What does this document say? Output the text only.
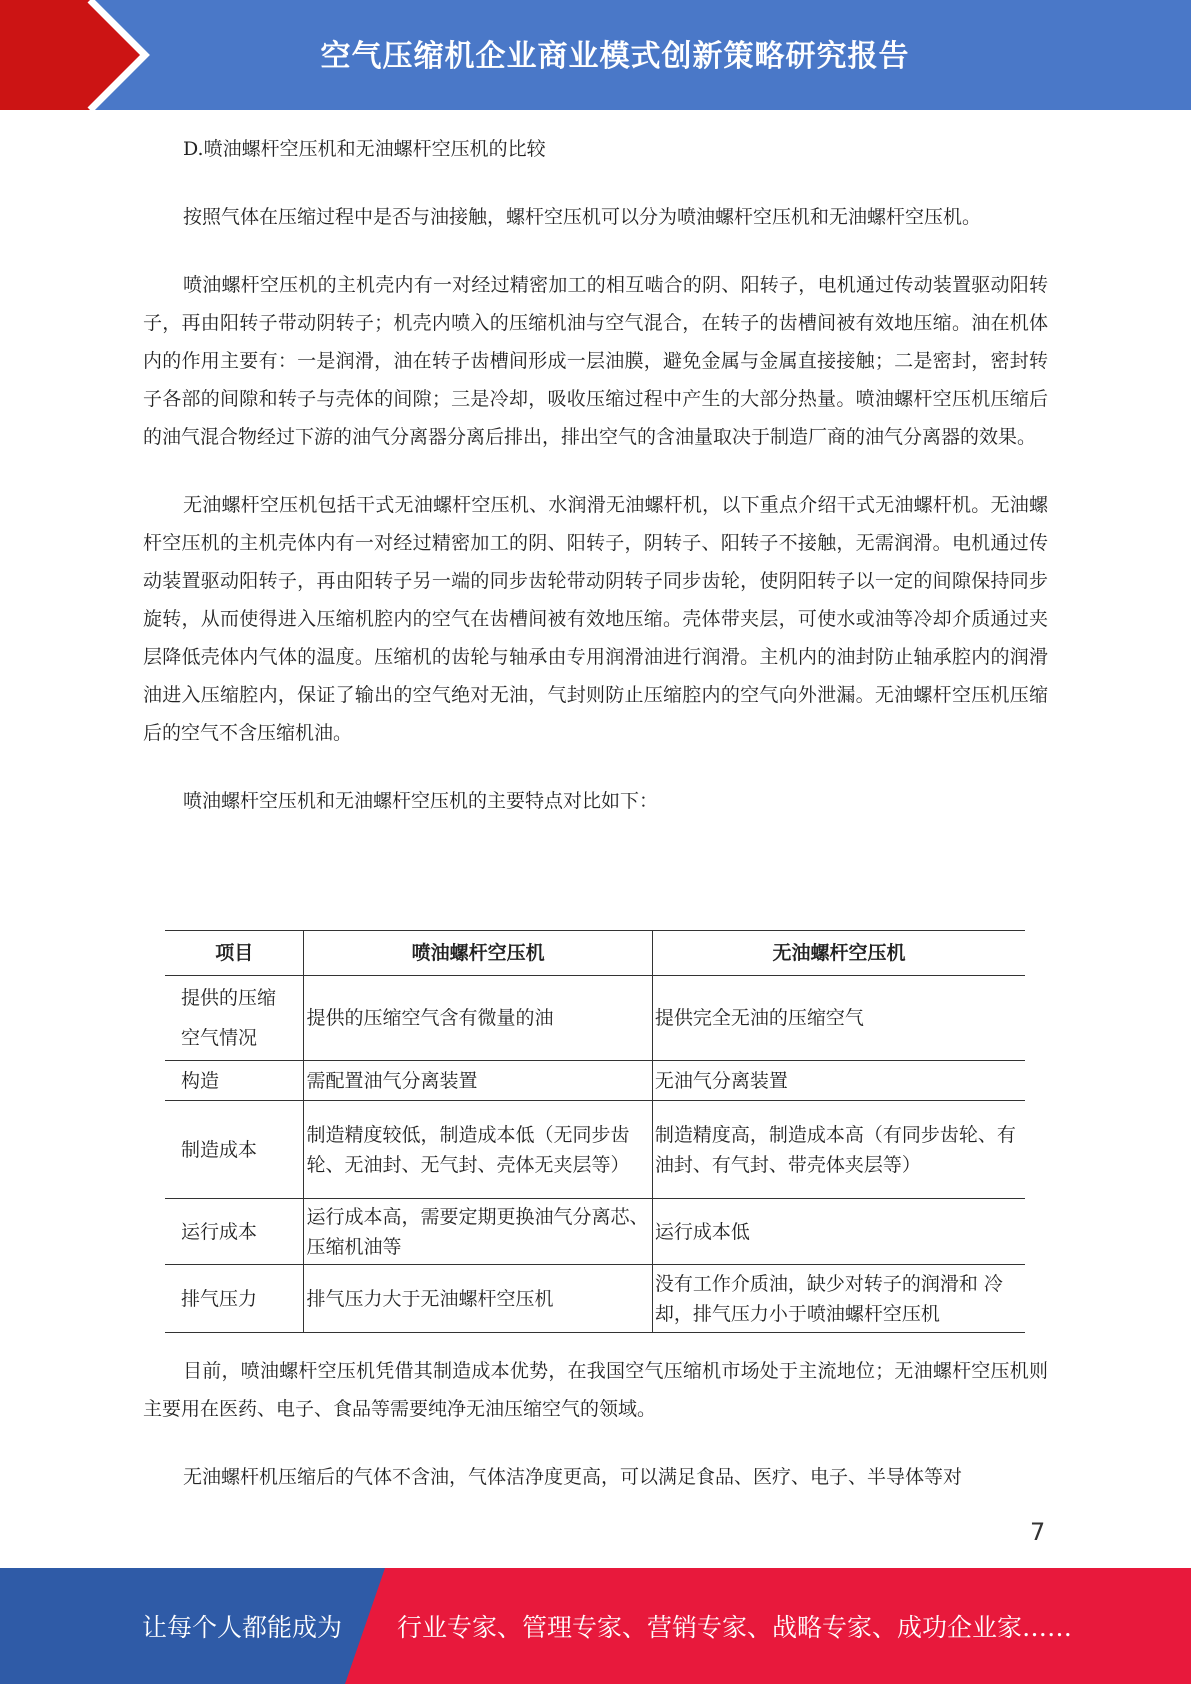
空气压缩机企业商业模式创新策略研究报告

D.喷油螺杆空压机和无油螺杆空压机的比较

按照气体在压缩过程中是否与油接触，螺杆空压机可以分为喷油螺杆空压机和无油螺杆空压机。

喷油螺杆空压机的主机壳内有一对经过精密加工的相互啮合的阴、阳转子，电机通过传动装置驱动阳转子，再由阳转子带动阴转子；机壳内喷入的压缩机油与空气混合，在转子的齿槽间被有效地压缩。油在机体内的作用主要有：一是润滑，油在转子齿槽间形成一层油膜，避免金属与金属直接接触；二是密封，密封转子各部的间隙和转子与壳体的间隙；三是冷却，吸收压缩过程中产生的大部分热量。喷油螺杆空压机压缩后的油气混合物经过下游的油气分离器分离后排出，排出空气的含油量取决于制造厂商的油气分离器的效果。

无油螺杆空压机包括干式无油螺杆空压机、水润滑无油螺杆机，以下重点介绍干式无油螺杆机。无油螺杆空压机的主机壳体内有一对经过精密加工的阴、阳转子，阴转子、阳转子不接触，无需润滑。电机通过传动装置驱动阳转子，再由阳转子另一端的同步齿轮带动阴转子同步齿轮，使阴阳转子以一定的间隙保持同步旋转，从而使得进入压缩机腔内的空气在齿槽间被有效地压缩。壳体带夹层，可使水或油等冷却介质通过夹层降低壳体内气体的温度。压缩机的齿轮与轴承由专用润滑油进行润滑。主机内的油封防止轴承腔内的润滑油进入压缩腔内，保证了输出的空气绝对无油，气封则防止压缩腔内的空气向外泄漏。无油螺杆空压机压缩后的空气不含压缩机油。

喷油螺杆空压机和无油螺杆空压机的主要特点对比如下：

项目	喷油螺杆空压机	无油螺杆空压机
提供的压缩空气情况	提供的压缩空气含有微量的油	提供完全无油的压缩空气
构造	需配置油气分离装置	无油气分离装置
制造成本	制造精度较低，制造成本低（无同步齿轮、无油封、无气封、壳体无夹层等）	制造精度高，制造成本高（有同步齿轮、有油封、有气封、带壳体夹层等）
运行成本	运行成本高，需要定期更换油气分离芯、压缩机油等	运行成本低
排气压力	排气压力大于无油螺杆空压机	没有工作介质油，缺少对转子的润滑和 冷却，排气压力小于喷油螺杆空压机

目前，喷油螺杆空压机凭借其制造成本优势，在我国空气压缩机市场处于主流地位；无油螺杆空压机则主要用在医药、电子、食品等需要纯净无油压缩空气的领域。

无油螺杆机压缩后的气体不含油，气体洁净度更高，可以满足食品、医疗、电子、半导体等对

7
让每个人都能成为 行业专家、管理专家、营销专家、战略专家、成功企业家……
